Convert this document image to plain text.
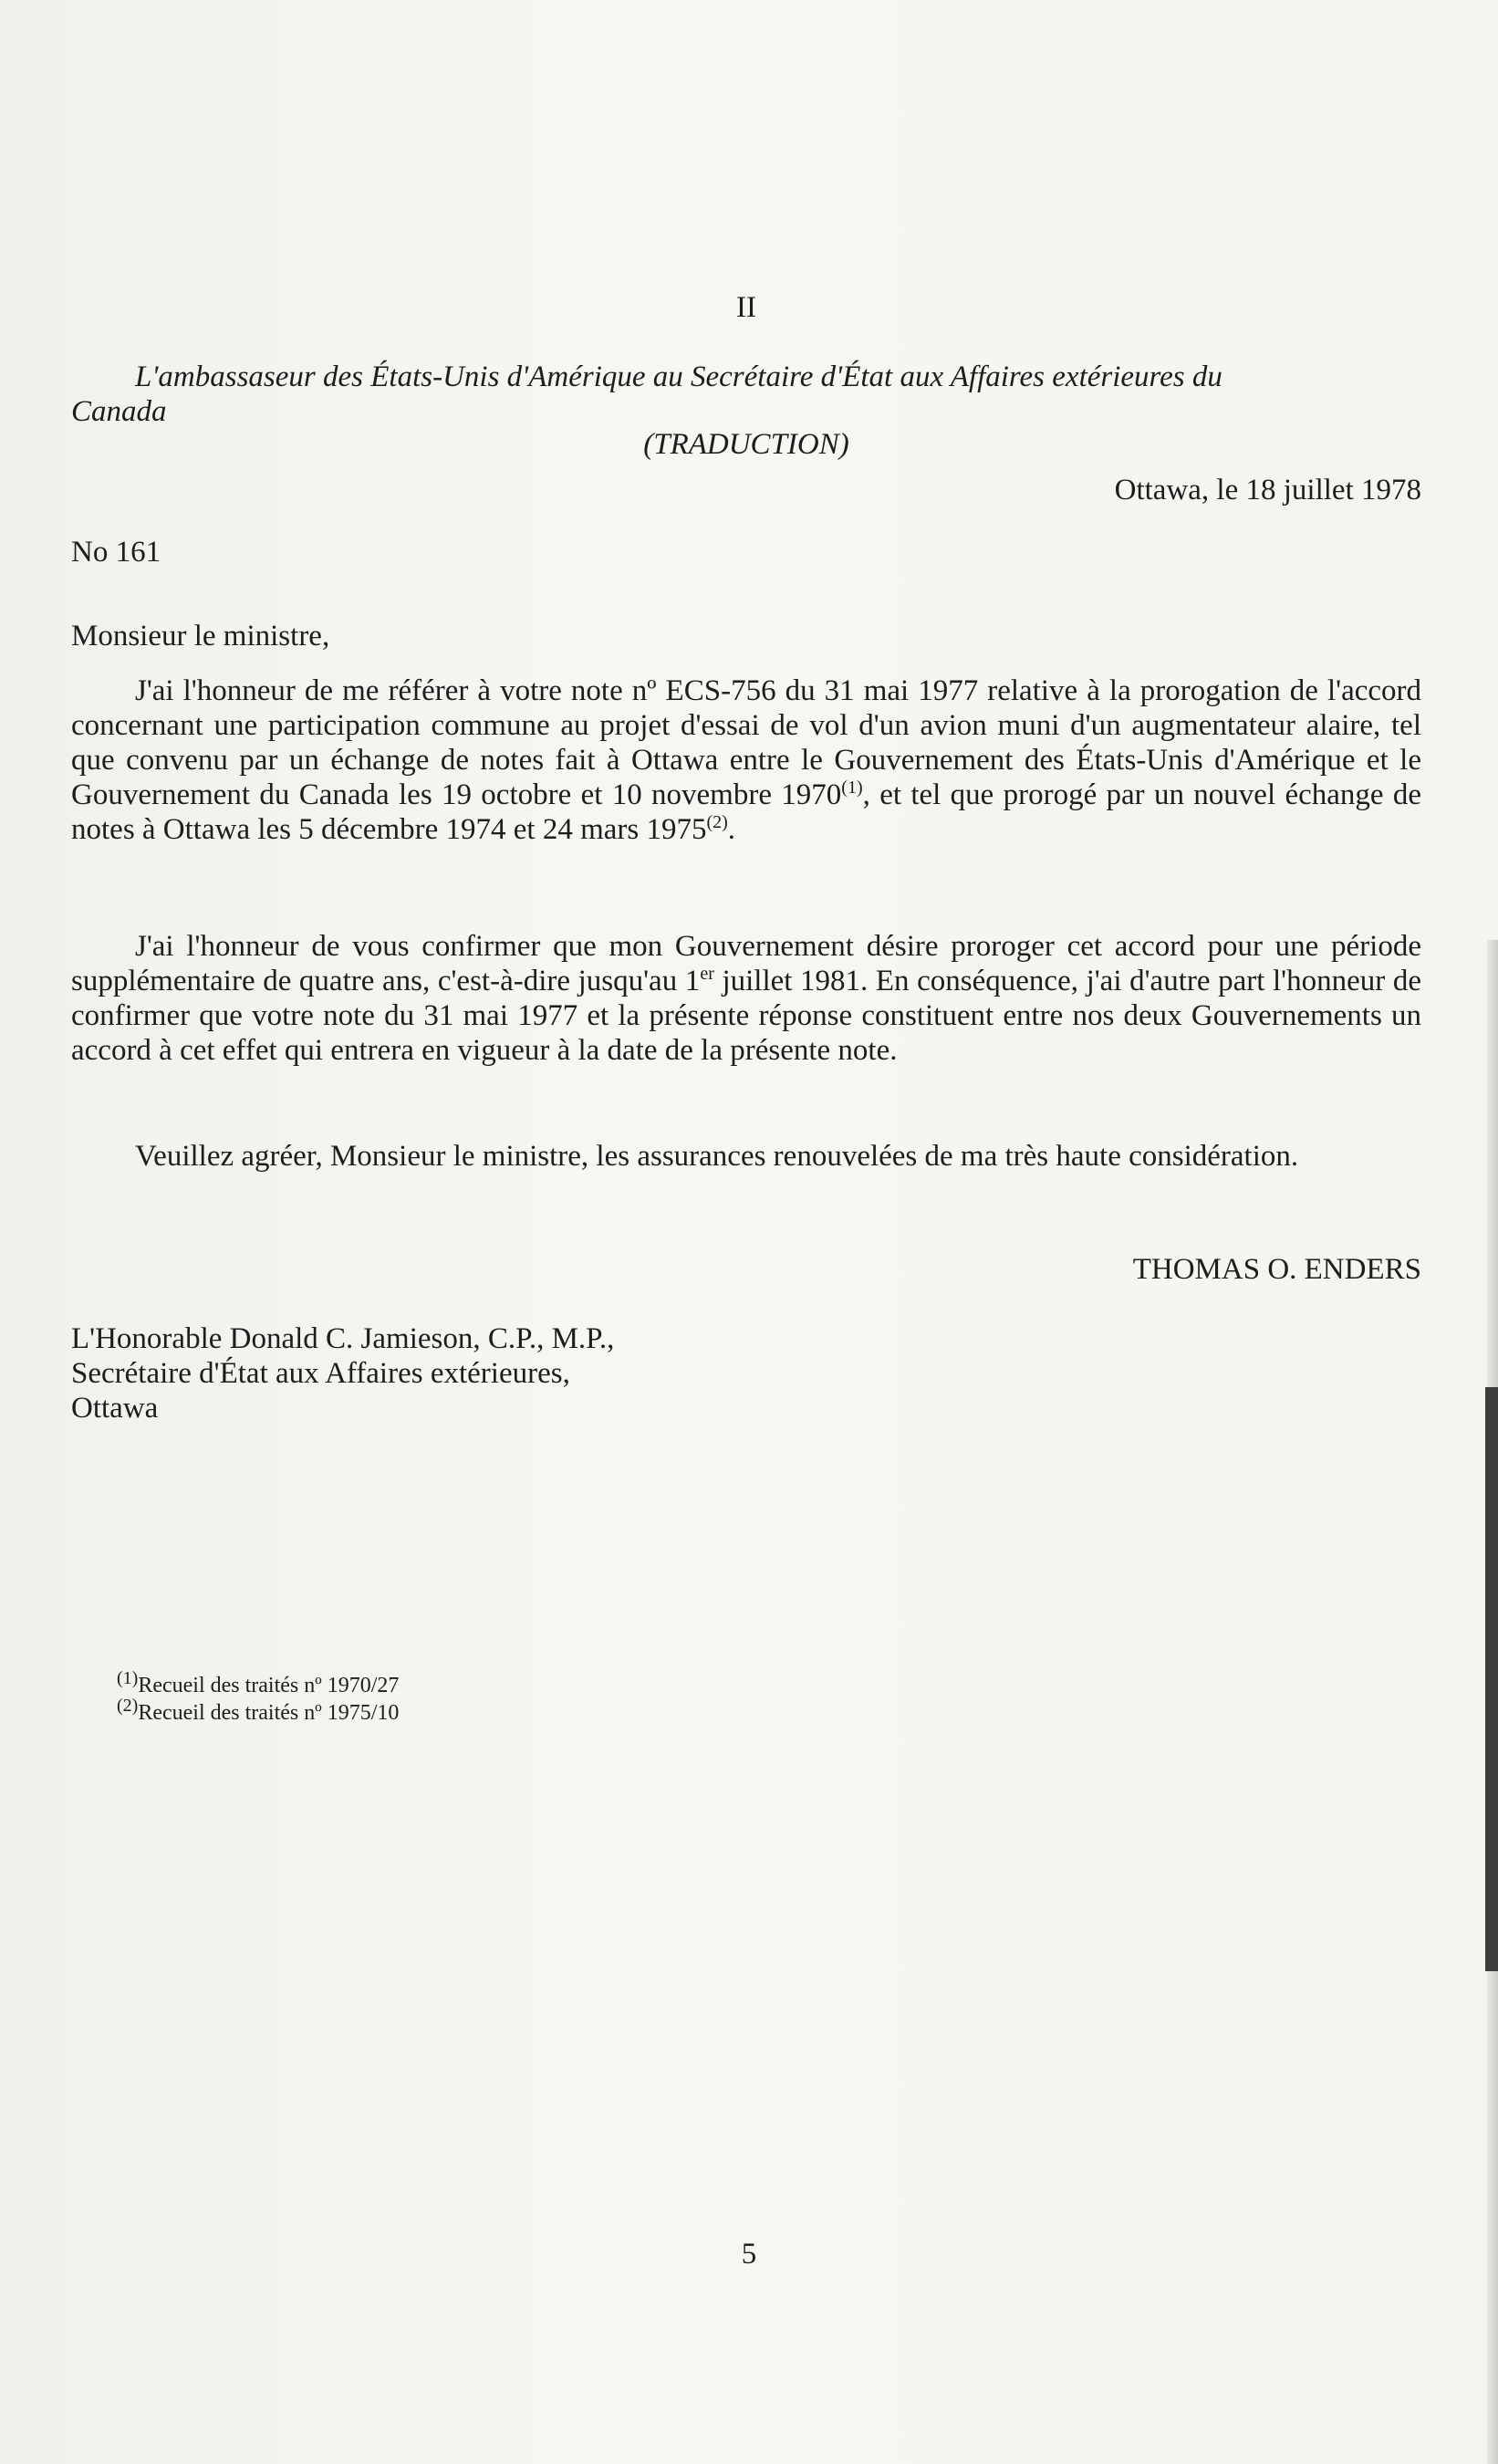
II
L'ambassaseur des États-Unis d'Amérique au Secrétaire d'État aux Affaires extérieures du
Canada
(TRADUCTION)
Ottawa, le 18 juillet 1978
No 161
Monsieur le ministre,

J'ai l'honneur de me référer à votre note nº ECS-756 du 31 mai 1977 relative à la prorogation de l'accord concernant une participation commune au projet d'essai de vol d'un avion muni d'un augmentateur alaire, tel que convenu par un échange de notes fait à Ottawa entre le Gouvernement des États-Unis d'Amérique et le Gouvernement du Canada les 19 octobre et 10 novembre 1970$^{(1)}$, et tel que prorogé par un nouvel échange de notes à Ottawa les 5 décembre 1974 et 24 mars 1975$^{(2)}$.

J'ai l'honneur de vous confirmer que mon Gouvernement désire proroger cet accord pour une période supplémentaire de quatre ans, c'est-à-dire jusqu'au 1er juillet 1981. En conséquence, j'ai d'autre part l'honneur de confirmer que votre note du 31 mai 1977 et la présente réponse constituent entre nos deux Gouvernements un accord à cet effet qui entrera en vigueur à la date de la présente note.

Veuillez agréer, Monsieur le ministre, les assurances renouvelées de ma très haute considération.

THOMAS O. ENDERS
L'Honorable Donald C. Jamieson, C.P., M.P.,
Secrétaire d'État aux Affaires extérieures,
Ottawa
$^{(1)}$Recueil des traités nº 1970/27
$^{(2)}$Recueil des traités nº 1975/10
5
